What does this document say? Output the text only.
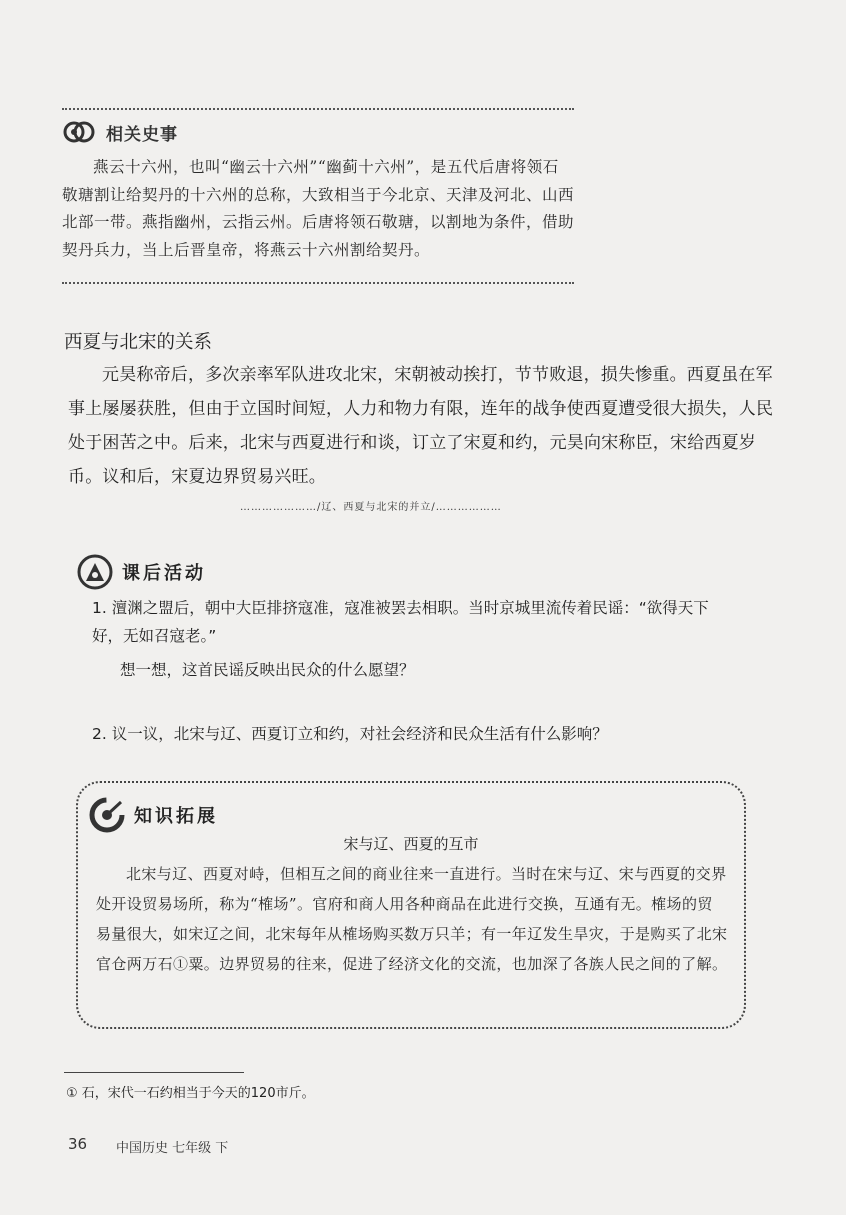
相关史事

燕云十六州，也叫“幽云十六州”“幽蓟十六州”，是五代后唐将领石敬瑭割让给契丹的十六州的总称，大致相当于今北京、天津及河北、山西北部一带。燕指幽州，云指云州。后唐将领石敬瑭，以割地为条件，借助契丹兵力，当上后晋皇帝，将燕云十六州割给契丹。

西夏与北宋的关系

元昊称帝后，多次亲率军队进攻北宋，宋朝被动挨打，节节败退，损失惨重。西夏虽在军事上屡屡获胜，但由于立国时间短，人力和物力有限，连年的战争使西夏遭受很大损失，人民处于困苦之中。后来，北宋与西夏进行和谈，订立了宋夏和约，元昊向宋称臣，宋给西夏岁币。议和后，宋夏边界贸易兴旺。

…………………/辽、西夏与北宋的并立/………………
课后活动
1. 澶渊之盟后，朝中大臣排挤寇准，寇准被罢去相职。当时京城里流传着民谣：“欲得天下好，无如召寇老。”
想一想，这首民谣反映出民众的什么愿望？
2. 议一议，北宋与辽、西夏订立和约，对社会经济和民众生活有什么影响？
知识拓展
宋与辽、西夏的互市

北宋与辽、西夏对峙，但相互之间的商业往来一直进行。当时在宋与辽、宋与西夏的交界处开设贸易场所，称为“榷场”。官府和商人用各种商品在此进行交换，互通有无。榷场的贸易量很大，如宋辽之间，北宋每年从榷场购买数万只羊；有一年辽发生旱灾，于是购买了北宋官仓两万石①粟。边界贸易的往来，促进了经济文化的交流，也加深了各族人民之间的了解。

① 石，宋代一石约相当于今天的120市斤。
36 中国历史 七年级 下
